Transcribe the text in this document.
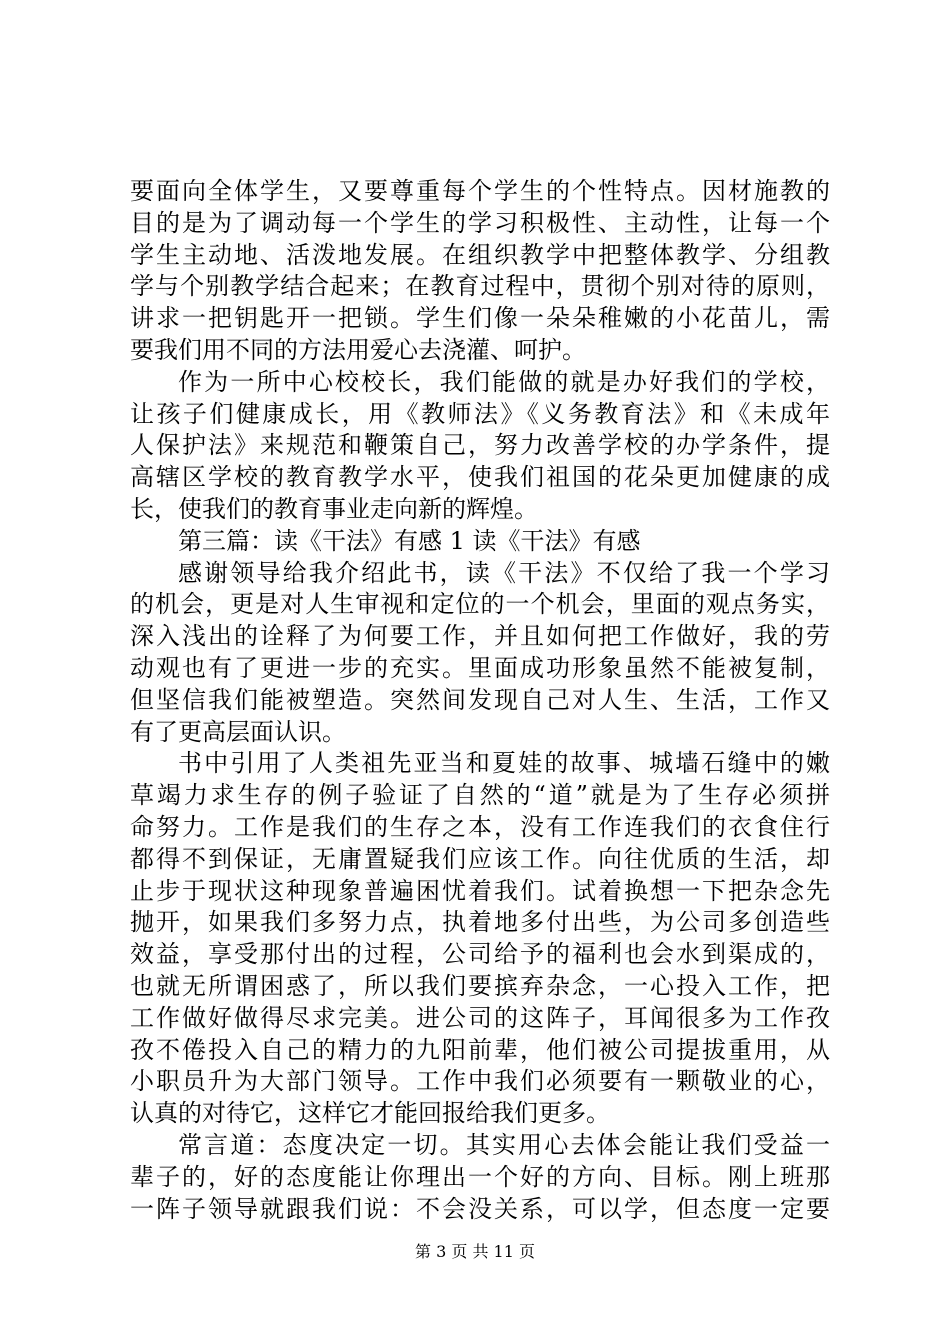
要面向全体学生，又要尊重每个学生的个性特点。因材施教的
目的是为了调动每一个学生的学习积极性、主动性，让每一个
学生主动地、活泼地发展。在组织教学中把整体教学、分组教
学与个别教学结合起来；在教育过程中，贯彻个别对待的原则，
讲求一把钥匙开一把锁。学生们像一朵朵稚嫩的小花苗儿，需
要我们用不同的方法用爱心去浇灌、呵护。
作为一所中心校校长，我们能做的就是办好我们的学校，
让孩子们健康成长，用《教师法》《义务教育法》和《未成年
人保护法》来规范和鞭策自己，努力改善学校的办学条件，提
高辖区学校的教育教学水平，使我们祖国的花朵更加健康的成
长，使我们的教育事业走向新的辉煌。
第三篇：读《干法》有感 1 读《干法》有感
感谢领导给我介绍此书，读《干法》不仅给了我一个学习
的机会，更是对人生审视和定位的一个机会，里面的观点务实，
深入浅出的诠释了为何要工作，并且如何把工作做好，我的劳
动观也有了更进一步的充实。里面成功形象虽然不能被复制，
但坚信我们能被塑造。突然间发现自己对人生、生活，工作又
有了更高层面认识。
书中引用了人类祖先亚当和夏娃的故事、城墙石缝中的嫩
草竭力求生存的例子验证了自然的“道”就是为了生存必须拼
命努力。工作是我们的生存之本，没有工作连我们的衣食住行
都得不到保证，无庸置疑我们应该工作。向往优质的生活，却
止步于现状这种现象普遍困忧着我们。试着换想一下把杂念先
抛开，如果我们多努力点，执着地多付出些，为公司多创造些
效益，享受那付出的过程，公司给予的福利也会水到渠成的，
也就无所谓困惑了，所以我们要摈弃杂念，一心投入工作，把
工作做好做得尽求完美。进公司的这阵子，耳闻很多为工作孜
孜不倦投入自己的精力的九阳前辈，他们被公司提拔重用，从
小职员升为大部门领导。工作中我们必须要有一颗敬业的心，
认真的对待它，这样它才能回报给我们更多。
常言道：态度决定一切。其实用心去体会能让我们受益一
辈子的，好的态度能让你理出一个好的方向、目标。刚上班那
一阵子领导就跟我们说：不会没关系，可以学，但态度一定要
第 3 页 共 11 页
